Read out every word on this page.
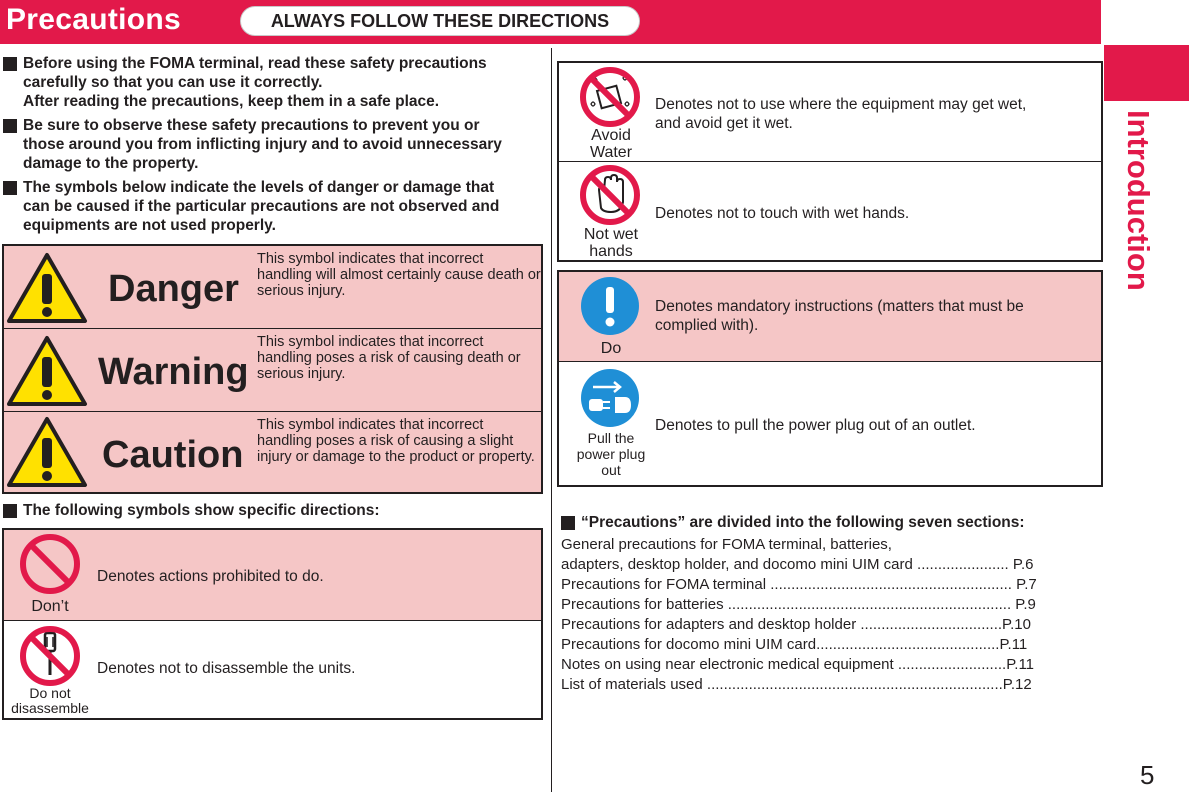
Precautions	ALWAYS FOLLOW THESE DIRECTIONS
Introduction
5
Before using the FOMA terminal, read these safety precautions
carefully so that you can use it correctly.
After reading the precautions, keep them in a safe place.
Be sure to observe these safety precautions to prevent you or
those around you from inflicting injury and to avoid unnecessary
damage to the property.
The symbols below indicate the levels of danger or damage that
can be caused if the particular precautions are not observed and
equipments are not used properly.
Danger
This symbol indicates that incorrect handling will almost certainly cause death or serious injury.
Warning
This symbol indicates that incorrect handling poses a risk of causing death or serious injury.
Caution
This symbol indicates that incorrect handling poses a risk of causing a slight injury or damage to the product or property.
The following symbols show specific directions:
Don’t
Denotes actions prohibited to do.
Do not
disassemble
Denotes not to disassemble the units.
Avoid
Water
Denotes not to use where the equipment may get wet,
and avoid get it wet.
Not wet
hands
Denotes not to touch with wet hands.
Do
Denotes mandatory instructions (matters that must be
complied with).
Pull the
power plug
out
Denotes to pull the power plug out of an outlet.
“Precautions” are divided into the following seven sections:
General precautions for FOMA terminal, batteries,
adapters, desktop holder, and docomo mini UIM card ...................... P.6
Precautions for FOMA terminal .......................................................... P.7
Precautions for batteries .................................................................... P.9
Precautions for adapters and desktop holder ..................................P.10
Precautions for docomo mini UIM card............................................P.11
Notes on using near electronic medical equipment ..........................P.11
List of materials used .......................................................................P.12
